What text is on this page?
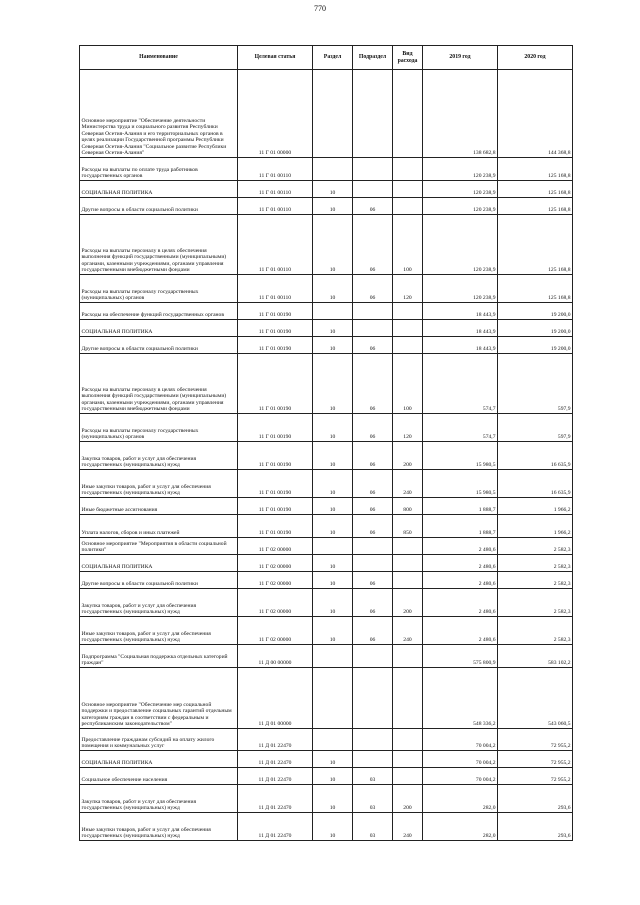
770
Наименование	Целевая статья	Раздел	Подраздел	Вид расхода	2019 год	2020 год
Основное мероприятие "Обеспечение деятельности Министерства труда и социального развития Республики Северная Осетия-Алания и его территориальных органов в целях реализации Государственной программы Республики Северная Осетия-Алания "Социальное развитие Республики Северная Осетия-Алания"	11 Г 01 00000				138 682,8	144 368,8
Расходы на выплаты по оплате труда работников государственных органов	11 Г 01 00110				120 238,9	125 168,8
СОЦИАЛЬНАЯ ПОЛИТИКА	11 Г 01 00110	10			120 238,9	125 168,8
Другие вопросы в области социальной политики	11 Г 01 00110	10	06		120 238,9	125 168,8
Расходы на выплаты персоналу в целях обеспечения выполнения функций государственными (муниципальными) органами, казенными учреждениями, органами управления государственными внебюджетными фондами	11 Г 01 00110	10	06	100	120 238,9	125 168,8
Расходы на выплаты персоналу государственных (муниципальных) органов	11 Г 01 00110	10	06	120	120 238,9	125 168,8
Расходы на обеспечение функций государственных органов	11 Г 01 00190				18 443,9	19 200,0
СОЦИАЛЬНАЯ ПОЛИТИКА	11 Г 01 00190	10			18 443,9	19 200,0
Другие вопросы в области социальной политики	11 Г 01 00190	10	06		18 443,9	19 200,0
Расходы на выплаты персоналу в целях обеспечения выполнения функций государственными (муниципальными) органами, казенными учреждениями, органами управления государственными внебюджетными фондами	11 Г 01 00190	10	06	100	574,7	597,9
Расходы на выплаты персоналу государственных (муниципальных) органов	11 Г 01 00190	10	06	120	574,7	597,9
Закупка товаров, работ и услуг для обеспечения государственных (муниципальных) нужд	11 Г 01 00190	10	06	200	15 980,5	16 635,9
Иные закупки товаров, работ и услуг для обеспечения государственных (муниципальных) нужд	11 Г 01 00190	10	06	240	15 980,5	16 635,9
Иные бюджетные ассигнования	11 Г 01 00190	10	06	800	1 888,7	1 966,2
Уплата налогов, сборов и иных платежей	11 Г 01 00190	10	06	850	1 888,7	1 966,2
Основное мероприятие "Мероприятия в области социальной политики"	11 Г 02 00000				2 480,6	2 582,3
СОЦИАЛЬНАЯ ПОЛИТИКА	11 Г 02 00000	10			2 480,6	2 582,3
Другие вопросы в области социальной политики	11 Г 02 00000	10	06		2 480,6	2 582,3
Закупка товаров, работ и услуг для обеспечения государственных (муниципальных) нужд	11 Г 02 00000	10	06	200	2 480,6	2 582,3
Иные закупки товаров, работ и услуг для обеспечения государственных (муниципальных) нужд	11 Г 02 00000	10	06	240	2 480,6	2 582,3
Подпрограмма "Социальная поддержка отдельных категорий граждан"	11 Д 00 00000				575 800,9	583 102,2
Основное мероприятие "Обеспечение мер социальной поддержки и предоставление социальных гарантий отдельным категориям граждан в соответствии с федеральным и республиканским законодательством"	11 Д 01 00000				548 336,2	543 060,5
Предоставление гражданам субсидий на оплату жилого помещения и коммунальных услуг	11 Д 01 22470				70 004,2	72 955,2
СОЦИАЛЬНАЯ ПОЛИТИКА	11 Д 01 22470	10			70 004,2	72 955,2
Социальное обеспечение населения	11 Д 01 22470	10	03		70 004,2	72 955,2
Закупка товаров, работ и услуг для обеспечения государственных (муниципальных) нужд	11 Д 01 22470	10	03	200	282,0	293,6
Иные закупки товаров, работ и услуг для обеспечения государственных (муниципальных) нужд	11 Д 01 22470	10	03	240	282,0	293,6
